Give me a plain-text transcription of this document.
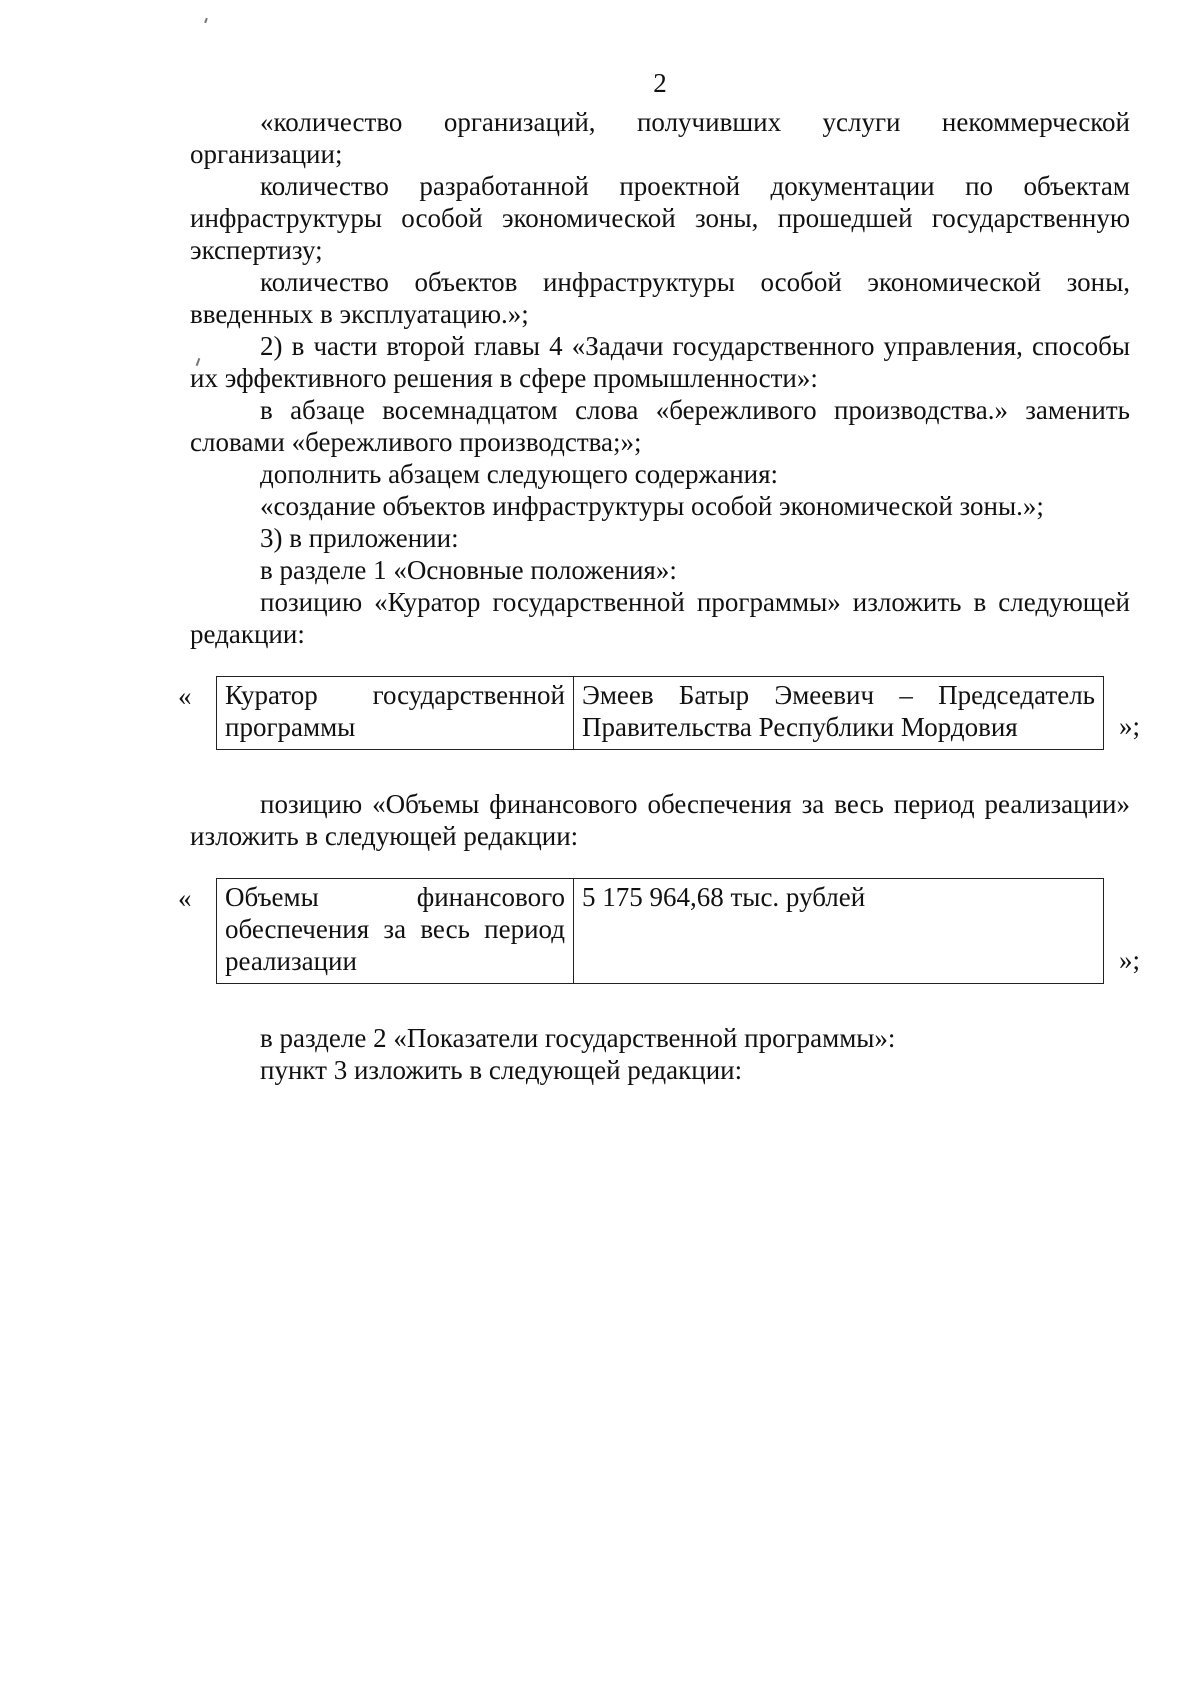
2

«количество организаций, получивших услуги некоммерческой организации;

количество разработанной проектной документации по объектам инфраструктуры особой экономической зоны, прошедшей государственную экспертизу;

количество объектов инфраструктуры особой экономической зоны, введенных в эксплуатацию.»;

2) в части второй главы 4 «Задачи государственного управления, способы их эффективного решения в сфере промышленности»:

в абзаце восемнадцатом слова «бережливого производства.» заменить словами «бережливого производства;»;

дополнить абзацем следующего содержания:

«создание объектов инфраструктуры особой экономической зоны.»;

3) в приложении:

в разделе 1 «Основные положения»:

позицию «Куратор государственной программы» изложить в следующей редакции:

« Куратор государственной программы	Эмеев Батыр Эмеевич – Председатель Правительства Республики Мордовия	»;

позицию «Объемы финансового обеспечения за весь период реализации» изложить в следующей редакции:

« Объемы финансового обеспечения за весь период реализации	5 175 964,68 тыс. рублей
»;

в разделе 2 «Показатели государственной программы»:

пункт 3 изложить в следующей редакции:
